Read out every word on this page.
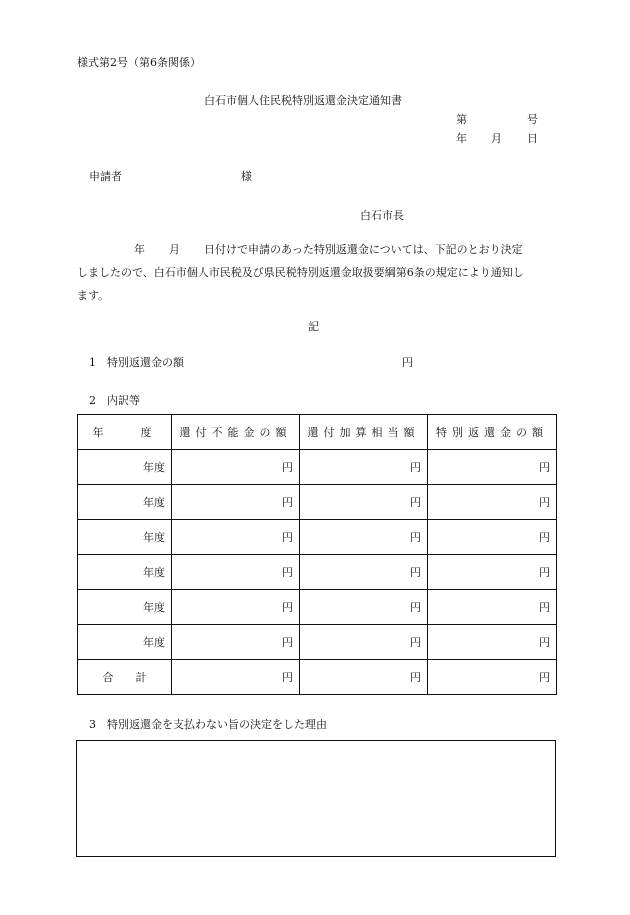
様式第2号（第6条関係）
白石市個人住民税特別返還金決定通知書
第	号
年 月 日
申請者	様
白石市長
年 月 日付けで申請のあった特別返還金については、下記のとおり決定
しましたので、白石市個人市民税及び県民税特別返還金取扱要綱第6条の規定により通知し
ます。
記
1　特別返還金の額	円
2　内訳等
年　　度	還付不能金の額	還付加算相当額	特別返還金の額
年度	円	円	円
年度	円	円	円
年度	円	円	円
年度	円	円	円
年度	円	円	円
年度	円	円	円
合　　計	円	円	円
3　特別返還金を支払わない旨の決定をした理由
